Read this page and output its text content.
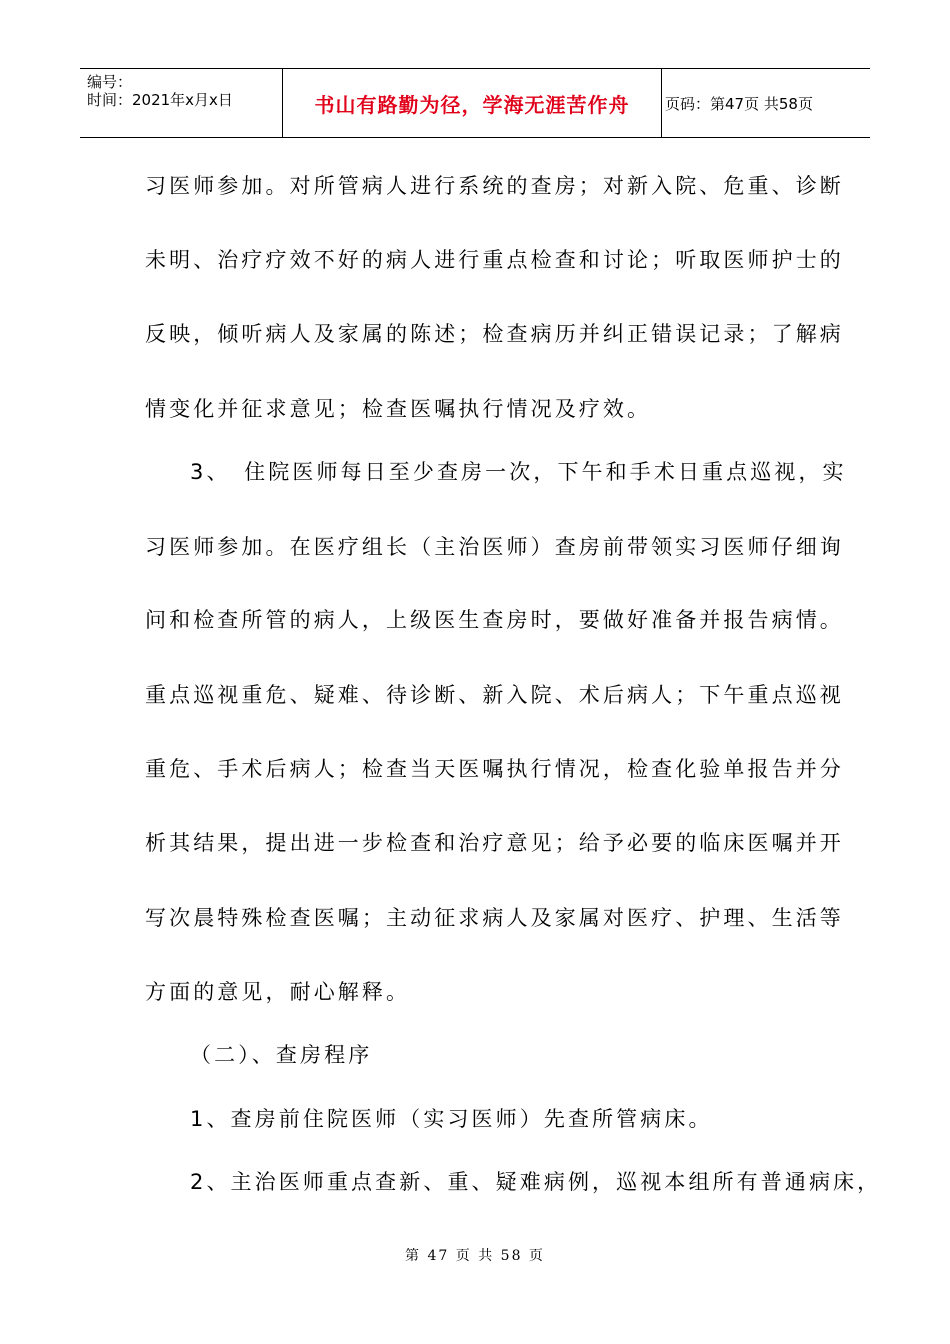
编号：
时间：2021年x月x日	书山有路勤为径，学海无涯苦作舟 页码：第47页 共58页

习医师参加。对所管病人进行系统的查房；对新入院、危重、诊断

未明、治疗疗效不好的病人进行重点检查和讨论；听取医师护士的

反映，倾听病人及家属的陈述；检查病历并纠正错误记录；了解病

情变化并征求意见；检查医嘱执行情况及疗效。

3、　住院医师每日至少查房一次，下午和手术日重点巡视，实

习医师参加。在医疗组长（主治医师）查房前带领实习医师仔细询

问和检查所管的病人，上级医生查房时，要做好准备并报告病情。

重点巡视重危、疑难、待诊断、新入院、术后病人；下午重点巡视

重危、手术后病人；检查当天医嘱执行情况，检查化验单报告并分

析其结果，提出进一步检查和治疗意见；给予必要的临床医嘱并开

写次晨特殊检查医嘱；主动征求病人及家属对医疗、护理、生活等

方面的意见，耐心解释。

（二）、查房程序

1、查房前住院医师（实习医师）先查所管病床。

2、主治医师重点查新、重、疑难病例，巡视本组所有普通病床，

第 47 页 共 58 页
